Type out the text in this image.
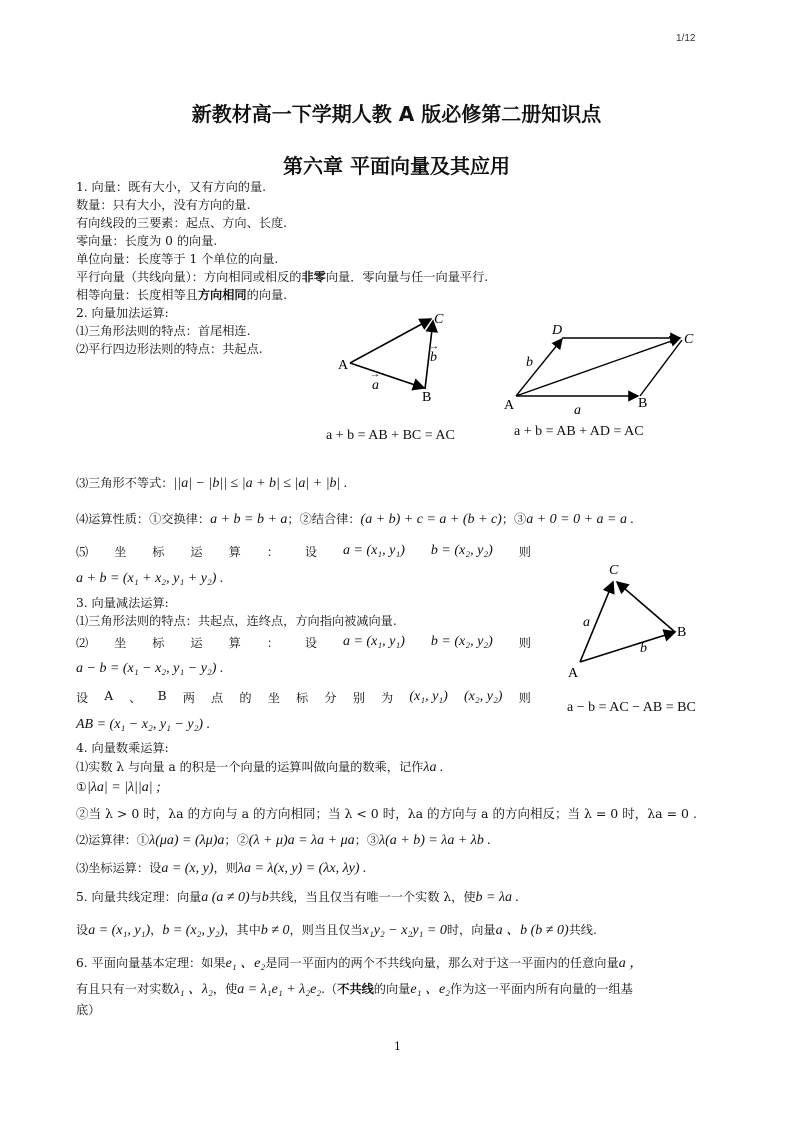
1/12
新教材高一下学期人教 A 版必修第二册知识点
第六章 平面向量及其应用
1. 向量：既有大小，又有方向的量.
数量：只有大小，没有方向的量.
有向线段的三要素：起点、方向、长度.
零向量：长度为 0 的向量.
单位向量：长度等于 1 个单位的向量.
平行向量（共线向量）：方向相同或相反的非零向量．零向量与任一向量平行.
相等向量：长度相等且方向相同的向量.
2. 向量加法运算:
⑴三角形法则的特点：首尾相连.
⑵平行四边形法则的特点：共起点.
A
B
C
a
b
→
→
A	B
C
D
a
b
a + b = AB + BC = AC	a + b = AB + AD = AC
⑶三角形不等式：||a| − |b|| ≤ |a + b| ≤ |a| + |b| .
⑷运算性质：①交换律：a + b = b + a；②结合律：(a + b) + c = a + (b + c)；③a + 0 = 0 + a = a .
⑸ 坐 标 运 算 ： 设 a = (x₁, y₁) b = (x₂, y₂) 则
a + b = (x₁ + x₂, y₁ + y₂) .
3. 向量减法运算:
⑴三角形法则的特点：共起点，连终点，方向指向被减向量.
⑵ 坐 标 运 算 ： 设 a = (x₁, y₁) b = (x₂, y₂) 则
a − b = (x₁ − x₂, y₁ − y₂) .
设 A 、 B 两 点 的 坐 标 分 别 为 (x₁, y₁) (x₂, y₂) 则
AB = (x₁ − x₂, y₁ − y₂) .
A
B
C
a
b
a − b = AC − AB = BC
4. 向量数乘运算:
⑴实数 λ 与向量 a 的积是一个向量的运算叫做向量的数乘，记作λa .
①|λa| = |λ||a| ;
②当 λ > 0 时，λa 的方向与 a 的方向相同；当 λ < 0 时，λa 的方向与 a 的方向相反；当 λ = 0 时，λa = 0 .
⑵运算律：①λ(μa) = (λμ)a；②(λ + μ)a = λa + μa；③λ(a + b) = λa + λb .
⑶坐标运算：设a = (x, y)，则λa = λ(x, y) = (λx, λy) .
5. 向量共线定理：向量a (a ≠ 0)与b共线，当且仅当有唯一一个实数 λ，使b = λa .
设a = (x₁, y₁)，b = (x₂, y₂)，其中b ≠ 0，则当且仅当x₁y₂ − x₂y₁ = 0时，向量a 、b (b ≠ 0)共线.
6. 平面向量基本定理：如果e₁ 、e₂是同一平面内的两个不共线向量，那么对于这一平面内的任意向量a ，
有且只有一对实数λ₁ 、λ₂，使a = λ₁e₁ + λ₂e₂.（不共线的向量e₁ 、e₂作为这一平面内所有向量的一组基
底）
1
